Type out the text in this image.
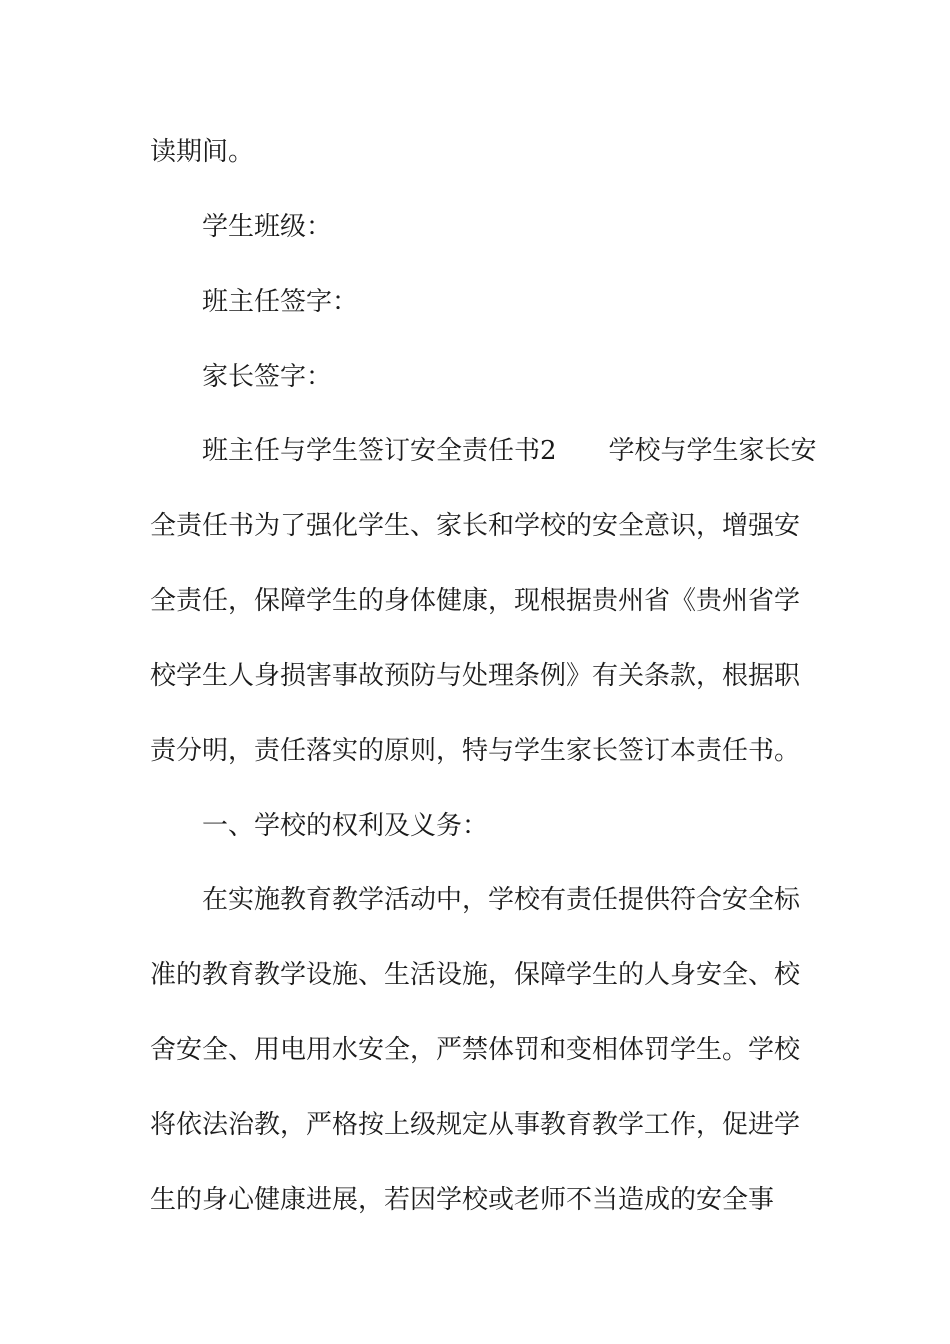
读期间。
学生班级：
班主任签字：
家长签字：
班主任与学生签订安全责任书2　　学校与学生家长安
全责任书为了强化学生、家长和学校的安全意识，增强安
全责任，保障学生的身体健康，现根据贵州省《贵州省学
校学生人身损害事故预防与处理条例》有关条款，根据职
责分明，责任落实的原则，特与学生家长签订本责任书。
一、学校的权利及义务：
在实施教育教学活动中，学校有责任提供符合安全标
准的教育教学设施、生活设施，保障学生的人身安全、校
舍安全、用电用水安全，严禁体罚和变相体罚学生。学校
将依法治教，严格按上级规定从事教育教学工作，促进学
生的身心健康进展，若因学校或老师不当造成的安全事
